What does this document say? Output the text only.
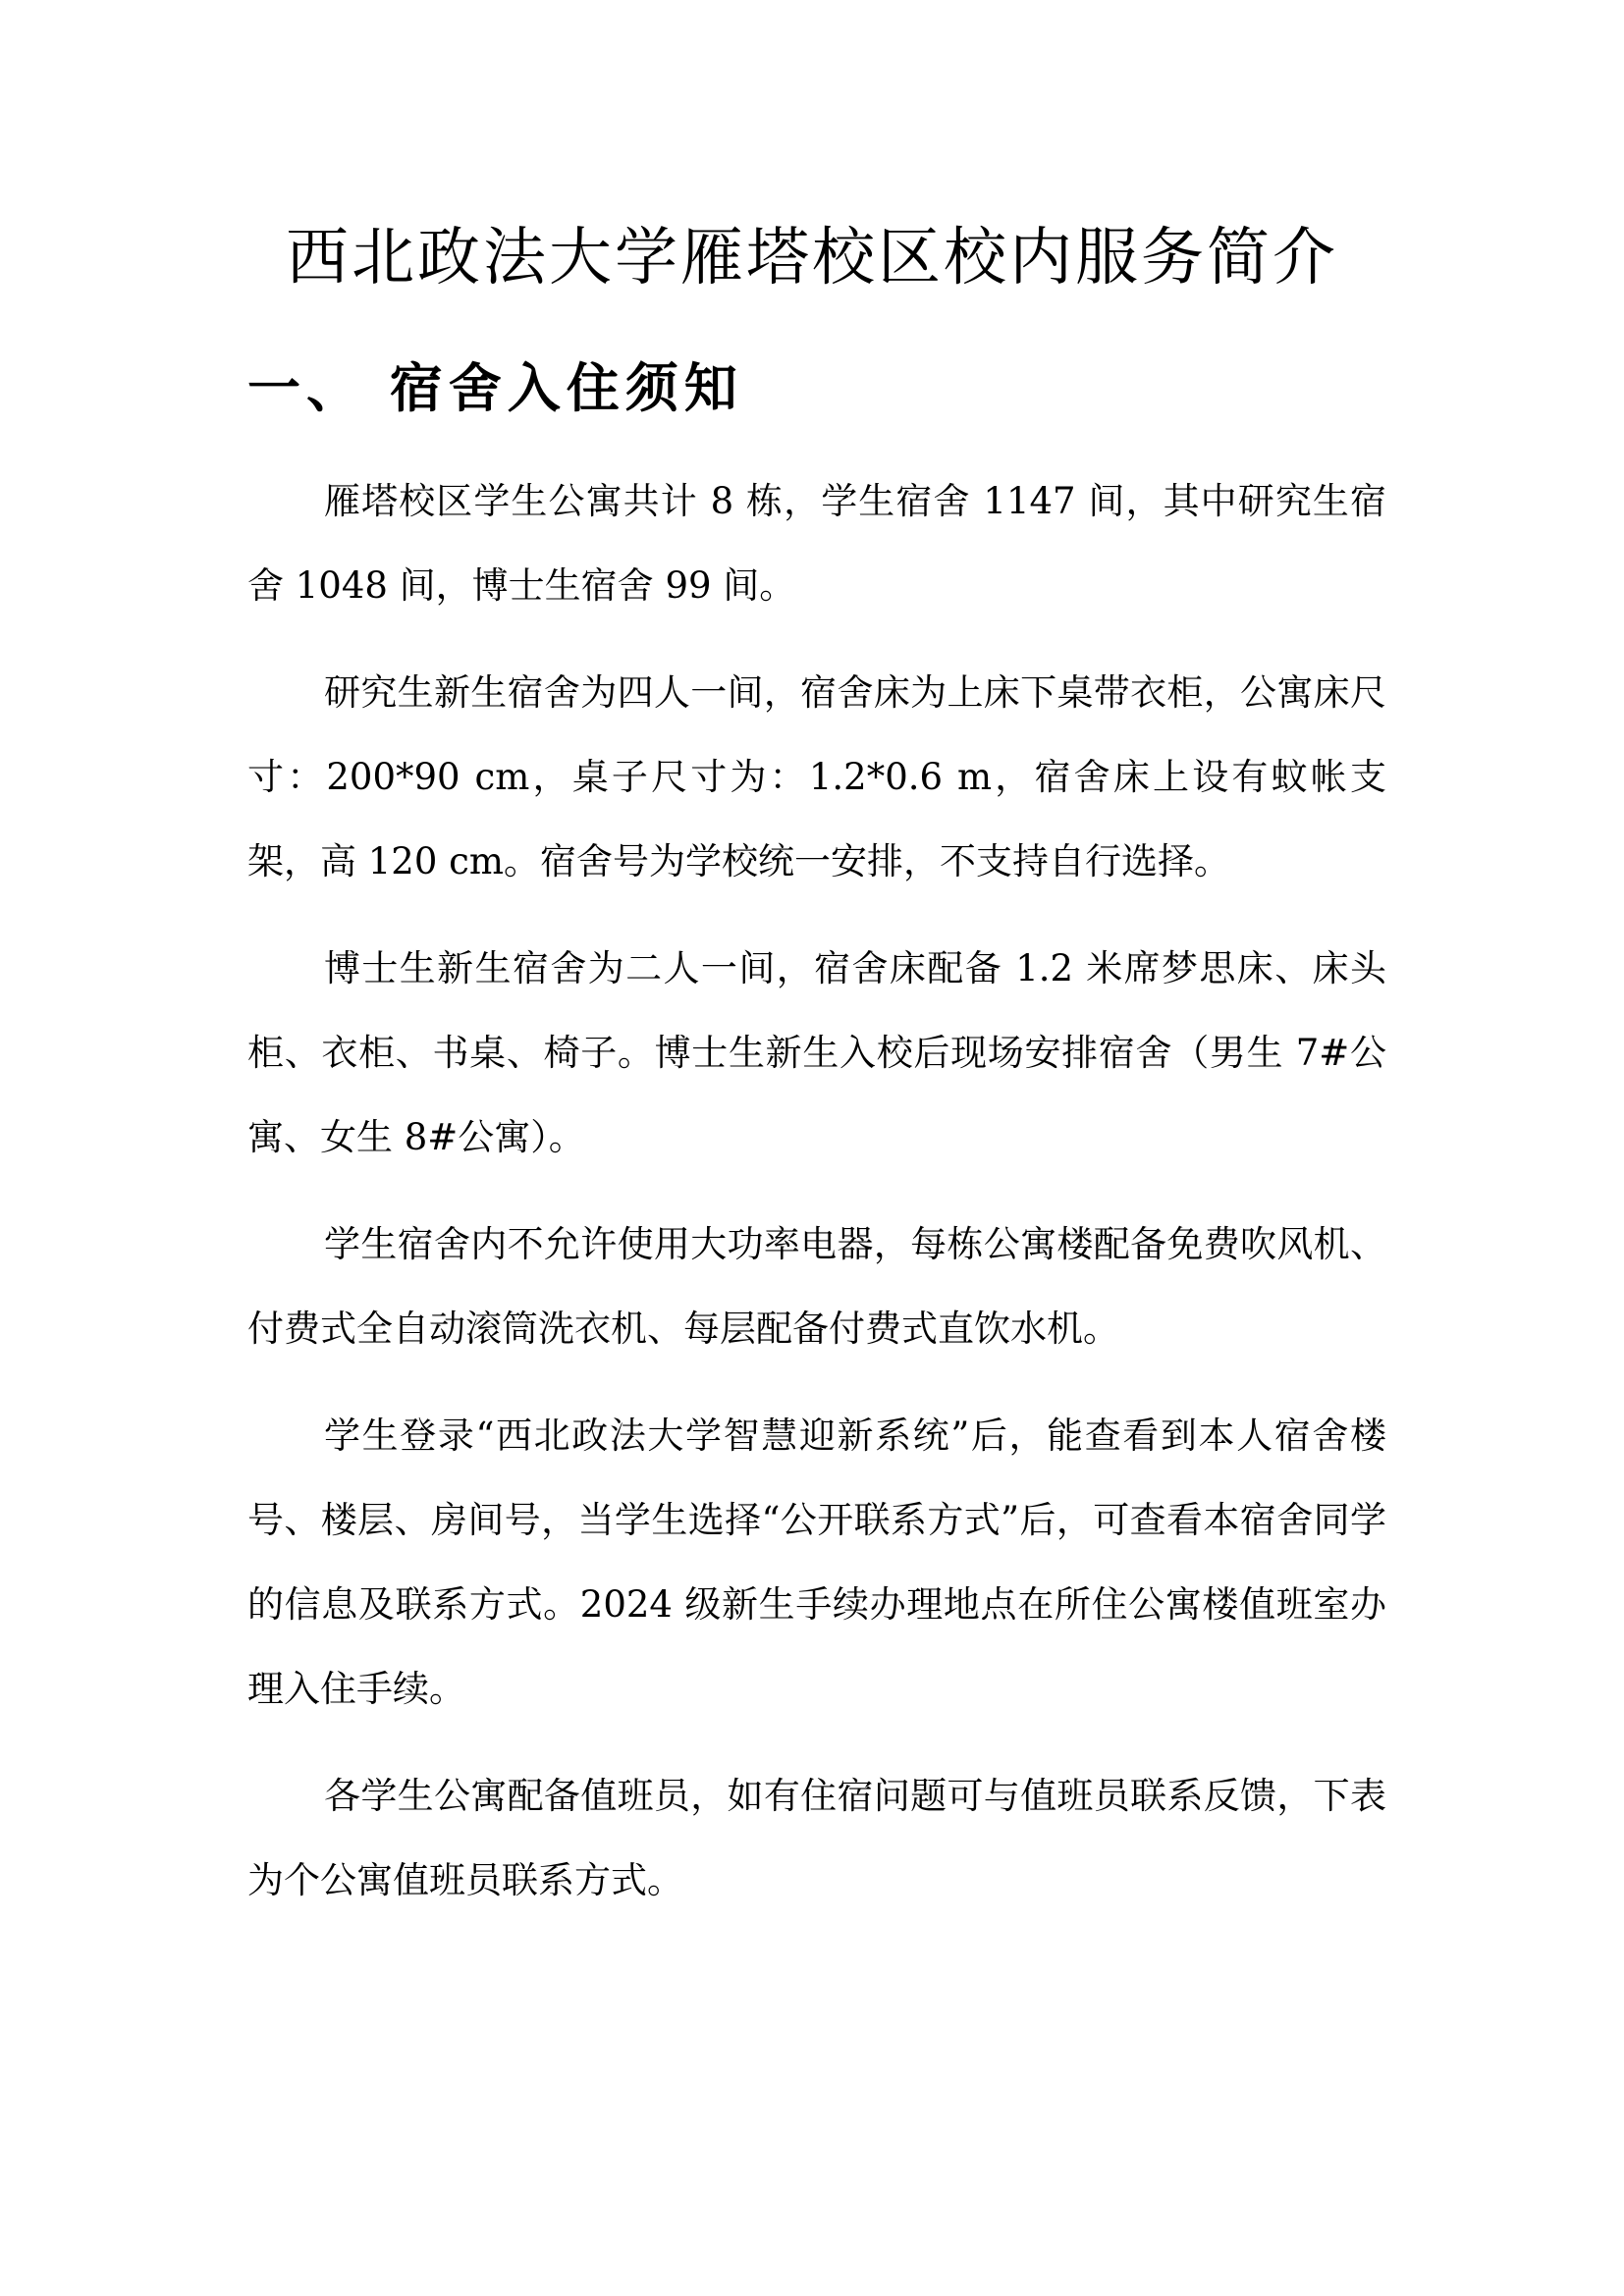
西北政法大学雁塔校区校内服务简介
一、 宿舍入住须知

雁塔校区学生公寓共计 8 栋，学生宿舍 1147 间，其中研究生宿舍 1048 间，博士生宿舍 99 间。

研究生新生宿舍为四人一间，宿舍床为上床下桌带衣柜，公寓床尺寸：200*90 cm，桌子尺寸为：1.2*0.6 m，宿舍床上设有蚊帐支架，高 120 cm。宿舍号为学校统一安排，不支持自行选择。

博士生新生宿舍为二人一间，宿舍床配备 1.2 米席梦思床、床头柜、衣柜、书桌、椅子。博士生新生入校后现场安排宿舍（男生 7#公寓、女生 8#公寓）。

学生宿舍内不允许使用大功率电器，每栋公寓楼配备免费吹风机、付费式全自动滚筒洗衣机、每层配备付费式直饮水机。

学生登录“西北政法大学智慧迎新系统”后，能查看到本人宿舍楼号、楼层、房间号，当学生选择“公开联系方式”后，可查看本宿舍同学的信息及联系方式。2024 级新生手续办理地点在所住公寓楼值班室办理入住手续。

各学生公寓配备值班员，如有住宿问题可与值班员联系反馈，下表为个公寓值班员联系方式。
